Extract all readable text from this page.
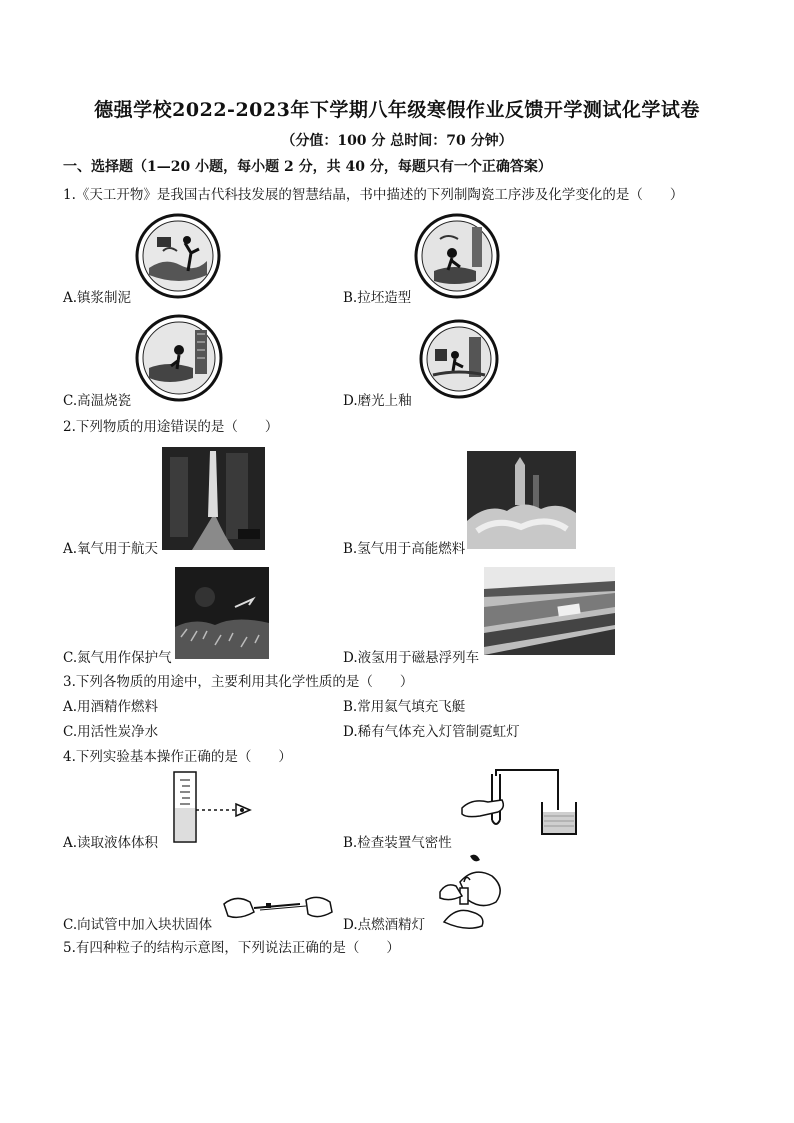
德强学校2022-2023年下学期八年级寒假作业反馈开学测试化学试卷
（分值：100 分 总时间：70 分钟）
一、选择题（1—20 小题，每小题 2 分，共 40 分，每题只有一个正确答案）
1.《天工开物》是我国古代科技发展的智慧结晶，书中描述的下列制陶瓷工序涉及化学变化的是（　　）
A.镇浆制泥	B.拉坯造型
C.高温烧瓷	D.磨光上釉
2.下列物质的用途错误的是（　　）
A.氧气用于航天	B.氢气用于高能燃料
C.氮气用作保护气	D.液氢用于磁悬浮列车
3.下列各物质的用途中，主要利用其化学性质的是（　　）
A.用酒精作燃料	B.常用氦气填充飞艇
C.用活性炭净水	D.稀有气体充入灯管制霓虹灯
4.下列实验基本操作正确的是（　　）
A.读取液体体积	B.检查装置气密性
C.向试管中加入块状固体	D.点燃酒精灯
5.有四种粒子的结构示意图，下列说法正确的是（　　）
